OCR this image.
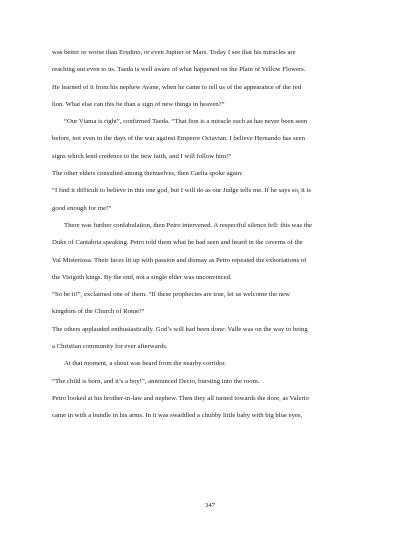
was better or worse than Erudino, or even Jupiter or Mars. Today I see that his miracles are
reaching out even to us. Taeda is well aware of what happened on the Plain of Yellow Flowers.
He learned of it from his nephew Avane, when he came to tell us of the appearance of the red
lion. What else can this be than a sign of new things in heaven?”
“Our Viama is right”, confirmed Taeda. “That lion is a miracle such as has never been seen
before, not even in the days of the war against Emperor Octavian. I believe Hernando has seen
signs which lend credence to the new faith, and I will follow him!”
The other elders consulted among themselves, then Caelia spoke again:
“I find it difficult to believe in this one god, but I will do as our Judge tells me. If he says so, it is
good enough for me!”
There was further confabulation, then Petro intervened. A respectful silence fell: this was the
Duke of Cantabria speaking. Petro told them what he had seen and heard in the caverns of the
Val Misteriosa. Their faces lit up with passion and dismay as Petro repeated the exhortations of
the Visigoth kings. By the end, not a single elder was unconvinced.
“So be it!”, exclaimed one of them. “If these prophecies are true, let us welcome the new
kingdom of the Church of Rome!”
The others applauded enthusiastically. God’s will had been done: Valle was on the way to being
a Christian community for ever afterwards.
At that moment, a shout was heard from the nearby corridor.
“The child is born, and it’s a boy!”, announced Decio, bursting into the room.
Petro looked at his brother-in-law and nephew. Then they all turned towards the door, as Valerio
came in with a bundle in his arms. In it was swaddled a chubby little baby with big blue eyes,
347
